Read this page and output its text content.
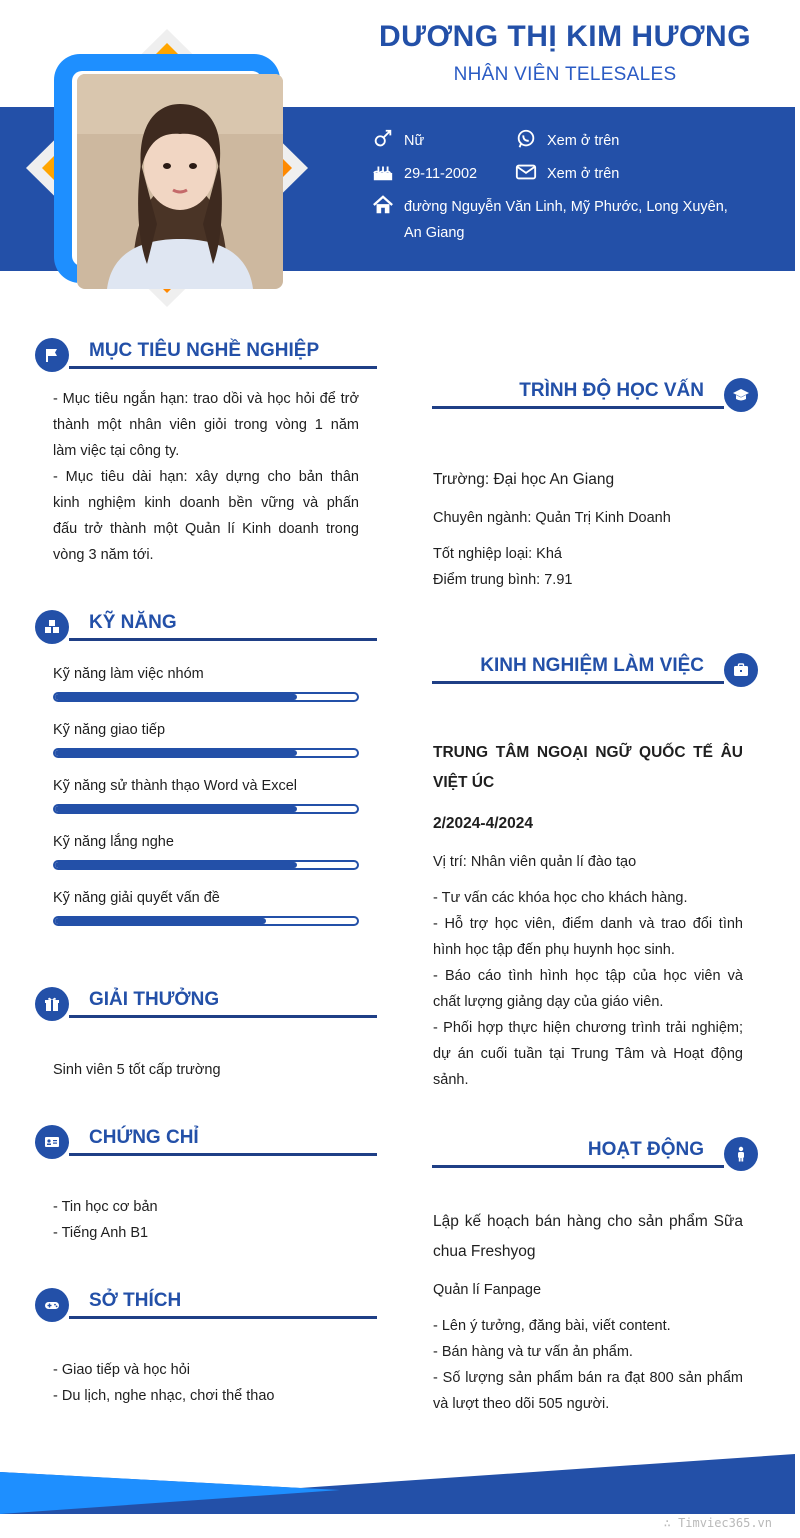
DƯƠNG THỊ KIM HƯƠNG
NHÂN VIÊN TELESALES
Nữ	Xem ở trên
29-11-2002	Xem ở trên
đường Nguyễn Văn Linh, Mỹ Phước, Long Xuyên,
An Giang
MỤC TIÊU NGHỀ NGHIỆP
- Mục tiêu ngắn hạn: trao dồi và học hỏi để trở
thành một nhân viên giỏi trong vòng 1 năm
làm việc tại công ty.
- Mục tiêu dài hạn: xây dựng cho bản thân
kinh nghiệm kinh doanh bền vững và phấn
đấu trở thành một Quản lí Kinh doanh trong
vòng 3 năm tới.
KỸ NĂNG
Kỹ năng làm việc nhóm
Kỹ năng giao tiếp
Kỹ năng sử thành thạo Word và Excel
Kỹ năng lắng nghe
Kỹ năng giải quyết vấn đề
GIẢI THƯỞNG
Sinh viên 5 tốt cấp trường
CHỨNG CHỈ
- Tin học cơ bản
- Tiếng Anh B1
SỞ THÍCH
- Giao tiếp và học hỏi
- Du lịch, nghe nhạc, chơi thể thao
TRÌNH ĐỘ HỌC VẤN
Trường: Đại học An Giang
Chuyên ngành: Quản Trị Kinh Doanh
Tốt nghiệp loại: Khá
Điểm trung bình: 7.91
KINH NGHIỆM LÀM VIỆC
TRUNG TÂM NGOẠI NGỮ QUỐC TẾ ÂU
VIỆT ÚC
2/2024-4/2024
Vị trí: Nhân viên quản lí đào tạo
- Tư vấn các khóa học cho khách hàng.
- Hỗ trợ học viên, điểm danh và trao đổi tình
hình học tập đến phụ huynh học sinh.
- Báo cáo tình hình học tập của học viên và
chất lượng giảng dạy của giáo viên.
- Phối hợp thực hiện chương trình trải nghiệm;
dự án cuối tuần tại Trung Tâm và Hoạt động
sảnh.
HOẠT ĐỘNG
Lập kế hoạch bán hàng cho sản phẩm Sữa
chua Freshyog
Quản lí Fanpage
- Lên ý tưởng, đăng bài, viết content.
- Bán hàng và tư vấn ản phẩm.
- Số lượng sản phẩm bán ra đạt 800 sản phẩm
và lượt theo dõi 505 người.
∴ Timviec365.vn
